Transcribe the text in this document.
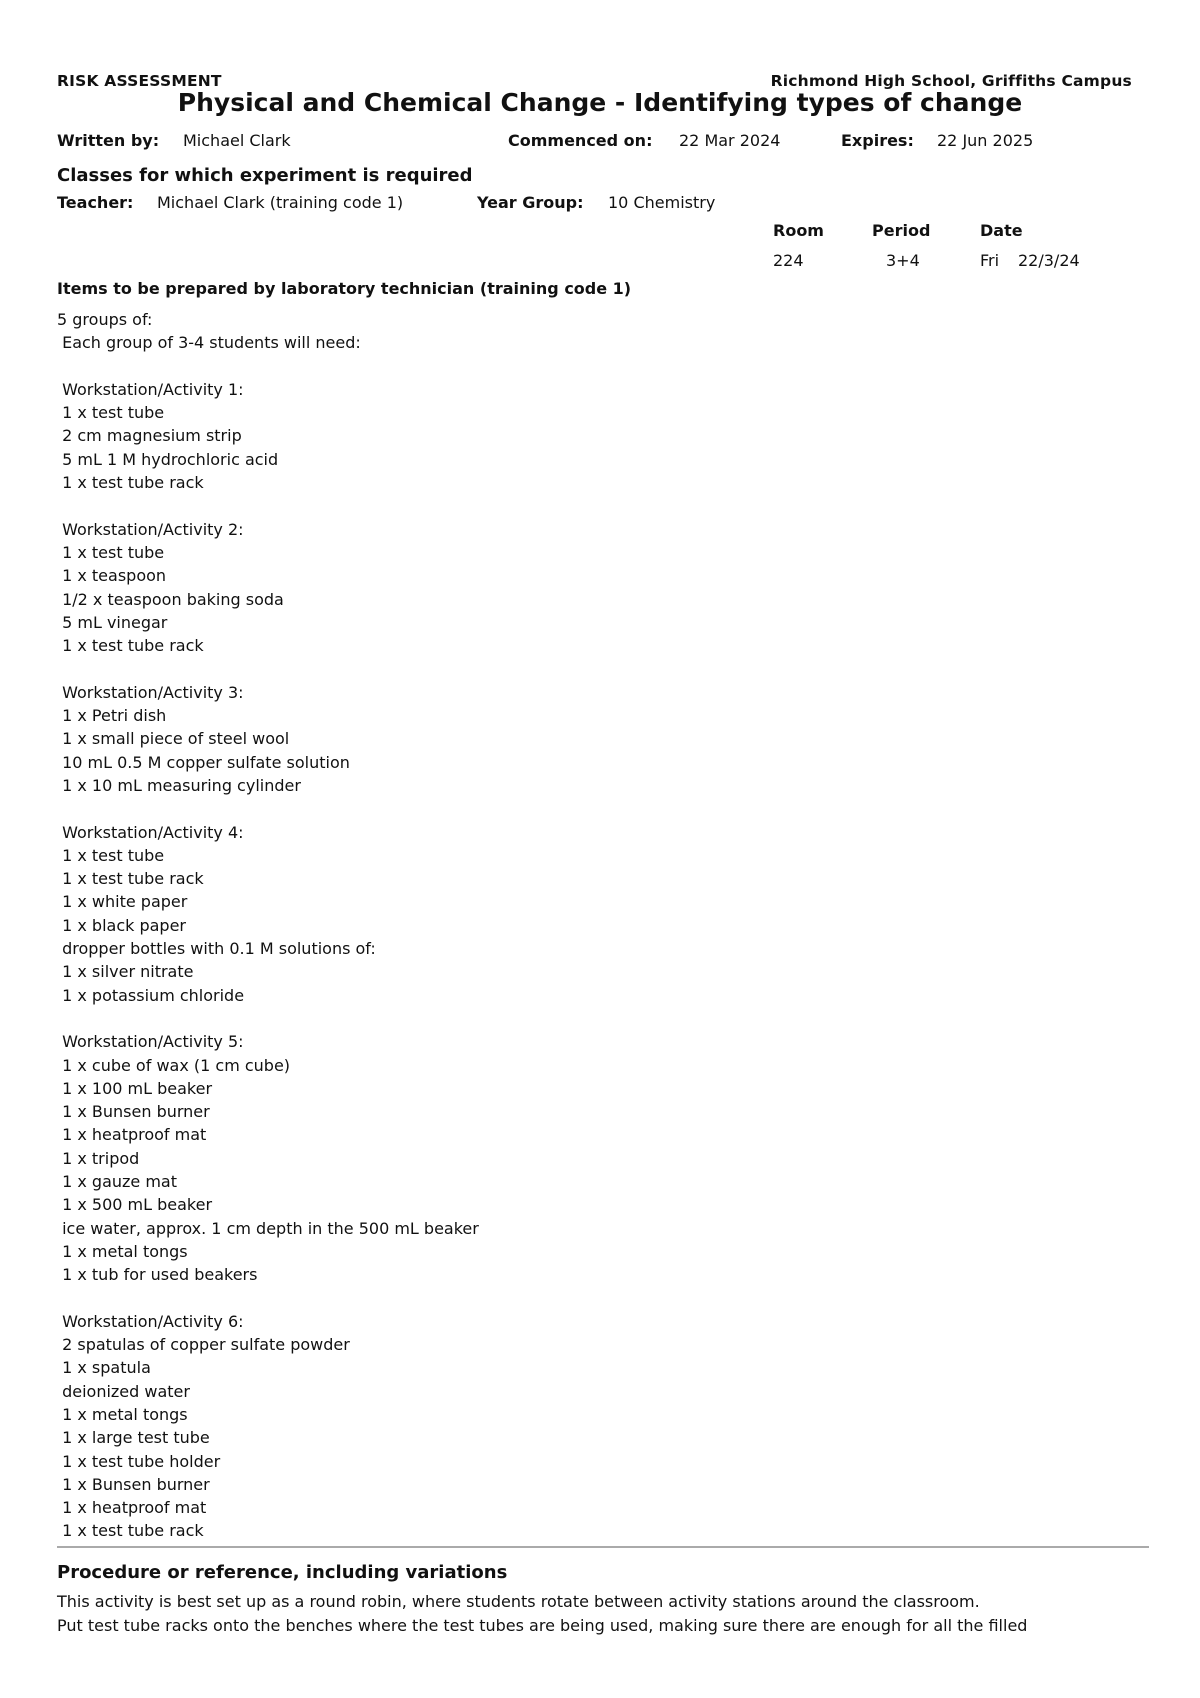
RISK ASSESSMENT	Richmond High School, Griffiths Campus
Physical and Chemical Change - Identifying types of change
Written by: Michael Clark	Commenced on: 22 Mar 2024	Expires: 22 Jun 2025
Classes for which experiment is required
Teacher: Michael Clark (training code 1)	Year Group: 10 Chemistry
Room	Period	Date
224	3+4	Fri 22/3/24
Items to be prepared by laboratory technician (training code 1)
5 groups of:
Each group of 3-4 students will need:
Workstation/Activity 1:
1 x test tube
2 cm magnesium strip
5 mL 1 M hydrochloric acid
1 x test tube rack
Workstation/Activity 2:
1 x test tube
1 x teaspoon
1/2 x teaspoon baking soda
5 mL vinegar
1 x test tube rack
Workstation/Activity 3:
1 x Petri dish
1 x small piece of steel wool
10 mL 0.5 M copper sulfate solution
1 x 10 mL measuring cylinder
Workstation/Activity 4:
1 x test tube
1 x test tube rack
1 x white paper
1 x black paper
dropper bottles with 0.1 M solutions of:
1 x silver nitrate
1 x potassium chloride
Workstation/Activity 5:
1 x cube of wax (1 cm cube)
1 x 100 mL beaker
1 x Bunsen burner
1 x heatproof mat
1 x tripod
1 x gauze mat
1 x 500 mL beaker
ice water, approx. 1 cm depth in the 500 mL beaker
1 x metal tongs
1 x tub for used beakers
Workstation/Activity 6:
2 spatulas of copper sulfate powder
1 x spatula
deionized water
1 x metal tongs
1 x large test tube
1 x test tube holder
1 x Bunsen burner
1 x heatproof mat
1 x test tube rack
Procedure or reference, including variations
This activity is best set up as a round robin, where students rotate between activity stations around the classroom.
Put test tube racks onto the benches where the test tubes are being used, making sure there are enough for all the filled
